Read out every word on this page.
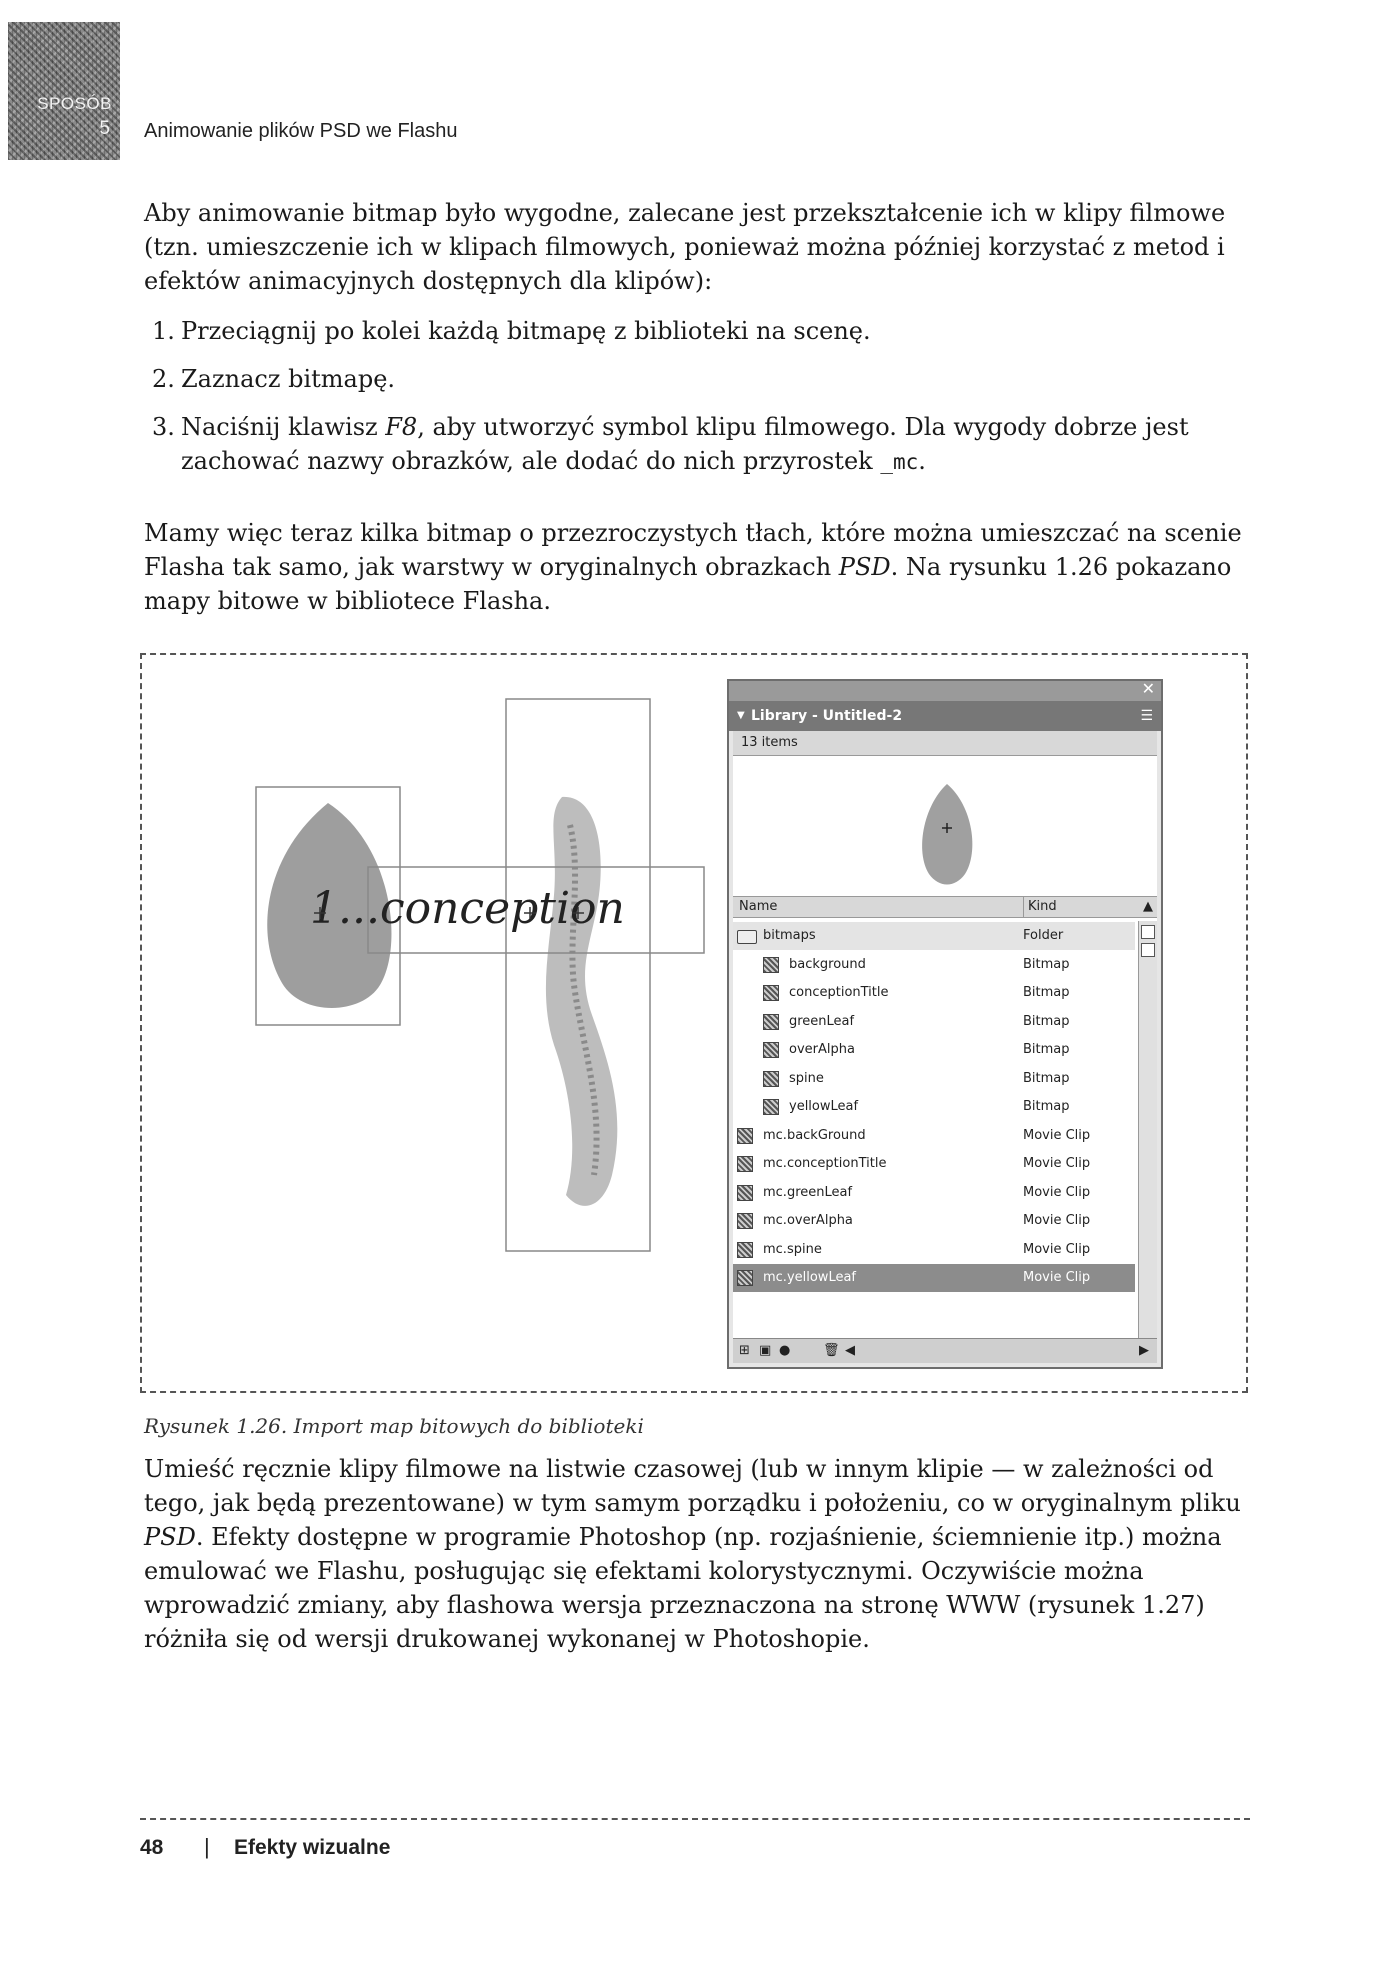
SPOSÓB
5 Animowanie plików PSD we Flashu

Aby animowanie bitmap było wygodne, zalecane jest przekształcenie ich w klipy filmowe (tzn. umieszczenie ich w klipach filmowych, ponieważ można później korzystać z metod i efektów animacyjnych dostępnych dla klipów):

1. Przeciągnij po kolei każdą bitmapę z biblioteki na scenę.
2. Zaznacz bitmapę.
3. Naciśnij klawisz F8, aby utworzyć symbol klipu filmowego. Dla wygody dobrze jest zachować nazwy obrazków, ale dodać do nich przyrostek _mc.

Mamy więc teraz kilka bitmap o przezroczystych tłach, które można umieszczać na scenie Flasha tak samo, jak warstwy w oryginalnych obrazkach PSD. Na rysunku 1.26 pokazano mapy bitowe w bibliotece Flasha.

1...conception
✕
▼ Library - Untitled-2	☰
13 items
Name	Kind	▲
bitmaps	Folder
background	Bitmap
conceptionTitle	Bitmap
greenLeaf	Bitmap
overAlpha	Bitmap
spine	Bitmap
yellowLeaf	Bitmap
mc.backGround	Movie Clip
mc.conceptionTitle	Movie Clip
mc.greenLeaf	Movie Clip
mc.overAlpha	Movie Clip
mc.spine	Movie Clip
mc.yellowLeaf	Movie Clip
⊞ ▣ ●	🗑 ◀	▶
Rysunek 1.26. Import map bitowych do biblioteki

Umieść ręcznie klipy filmowe na listwie czasowej (lub w innym klipie — w zależności od tego, jak będą prezentowane) w tym samym porządku i położeniu, co w oryginalnym pliku PSD. Efekty dostępne w programie Photoshop (np. rozjaśnienie, ściemnienie itp.) można emulować we Flashu, posługując się efektami kolorystycznymi. Oczywiście można wprowadzić zmiany, aby flashowa wersja przeznaczona na stronę WWW (rysunek 1.27) różniła się od wersji drukowanej wykonanej w Photoshopie.

48 | Efekty wizualne
